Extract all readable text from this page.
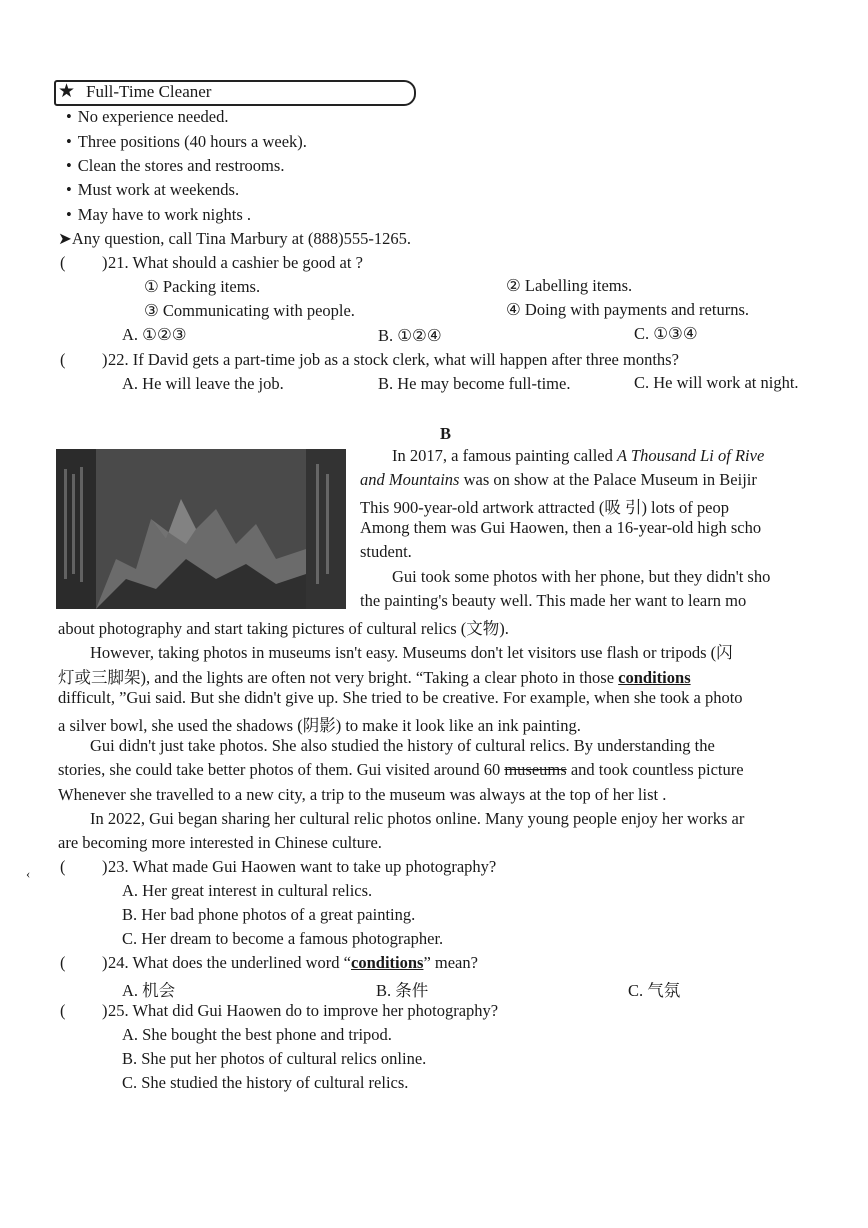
★ Full-Time Cleaner
• No experience needed.
• Three positions (40 hours a week).
• Clean the stores and restrooms.
• Must work at weekends.
• May have to work nights .
➤Any question, call Tina Marbury at (888)555-1265.
( ) 21. What should a cashier be good at ?
① Packing items.	② Labelling items.
③ Communicating with people.	④ Doing with payments and returns.
A. ①②③	B. ①②④	C. ①③④
( ) 22. If David gets a part-time job as a stock clerk, what will happen after three months?
A. He will leave the job.	B. He may become full-time.	C. He will work at night.
B
In 2017, a famous painting called A Thousand Li of Rive
and Mountains was on show at the Palace Museum in Beijir
This 900-year-old artwork attracted (吸 引) lots of peop
Among them was Gui Haowen, then a 16-year-old high scho
student.
Gui took some photos with her phone, but they didn't sho
the painting's beauty well. This made her want to learn mo
about photography and start taking pictures of cultural relics (文物).
However, taking photos in museums isn't easy. Museums don't let visitors use flash or tripods (闪
灯或三脚架), and the lights are often not very bright. “Taking a clear photo in those conditions
difficult, ”Gui said. But she didn't give up. She tried to be creative. For example, when she took a photo
a silver bowl, she used the shadows (阴影) to make it look like an ink painting.
Gui didn't just take photos. She also studied the history of cultural relics. By understanding the
stories, she could take better photos of them. Gui visited around 60 museums and took countless picture
Whenever she travelled to a new city, a trip to the museum was always at the top of her list .
In 2022, Gui began sharing her cultural relic photos online. Many young people enjoy her works ar
are becoming more interested in Chinese culture.
‹ ( ) 23. What made Gui Haowen want to take up photography?
A. Her great interest in cultural relics.
B. Her bad phone photos of a great painting.
C. Her dream to become a famous photographer.
( ) 24. What does the underlined word “conditions” mean?
A. 机会	B. 条件	C. 气氛
( ) 25. What did Gui Haowen do to improve her photography?
A. She bought the best phone and tripod.
B. She put her photos of cultural relics online.
C. She studied the history of cultural relics.
